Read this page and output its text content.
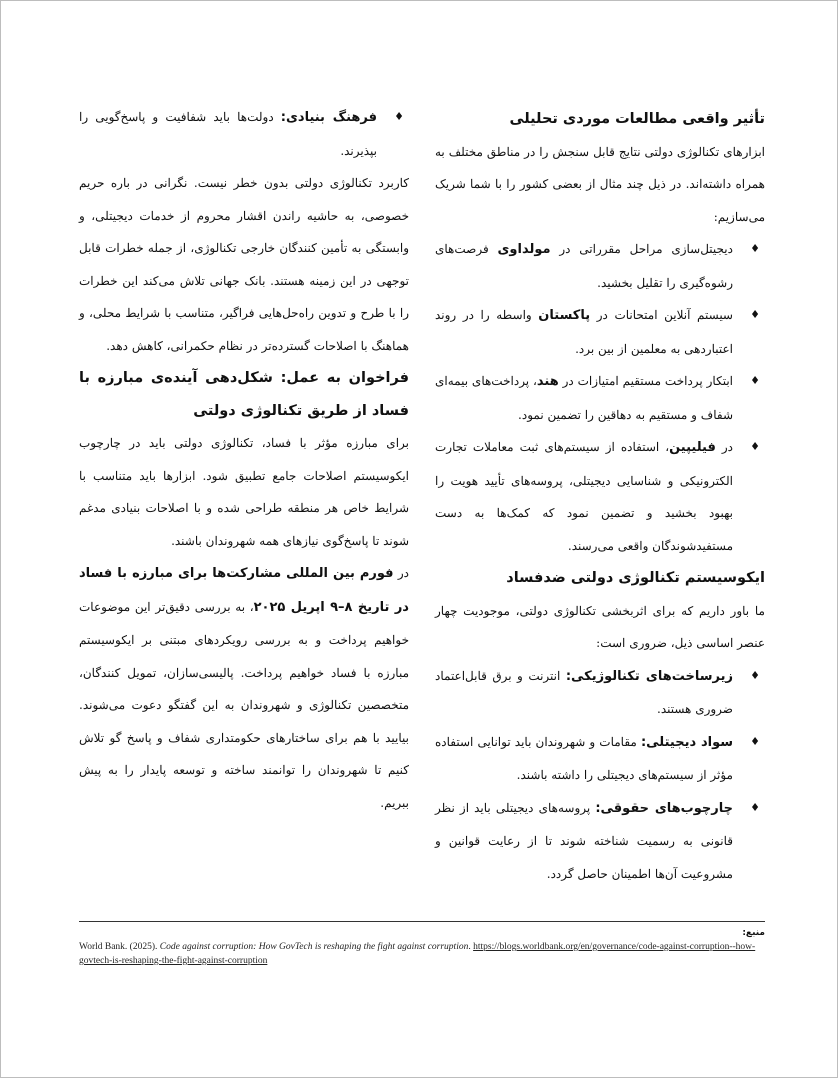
تأثیر واقعی مطالعات موردی تحلیلی

ابزارهای تکنالوژی دولتی نتایج قابل سنجش را در مناطق مختلف به همراه داشته‌اند. در ذیل چند مثال از بعضی کشور را با شما شریک می‌سازیم:

♦
دیجیتل‌سازی مراحل مقرراتی در مولداوی فرصت‌های رشوه‌گیری را تقلیل بخشید.
♦
سیستم آنلاین امتحانات در پاکستان واسطه را در روند اعتباردهی به معلمین از بین برد.
♦
ابتکار پرداخت مستقیم امتیازات در هند، پرداخت‌های بیمه‌ای شفاف و مستقیم به دهاقین را تضمین نمود.
♦
در فیلیپین، استفاده از سیستم‌های ثبت معاملات تجارت الکترونیکی و شناسایی دیجیتلی، پروسه‌های تأیید هویت را بهبود بخشید و تضمین نمود که کمک‌ها به دست مستفیدشوندگان واقعی می‌رسند.
ایکوسیستم تکنالوژی دولتی ضدفساد

ما باور داریم که برای اثربخشی تکنالوژی دولتی، موجودیت چهار عنصر اساسی ذیل، ضروری است:

♦
زیرساخت‌های تکنالوژیکی: انترنت و برق قابل‌اعتماد ضروری هستند.
♦
سواد دیجیتلی: مقامات و شهروندان باید توانایی استفاده مؤثر از سیستم‌های دیجیتلی را داشته باشند.
♦
چارچوب‌های حقوقی: پروسه‌های دیجیتلی باید از نظر قانونی به رسمیت شناخته شوند تا از رعایت قوانین و مشروعیت آن‌ها اطمینان حاصل گردد.
♦
فرهنگ بنیادی: دولت‌ها باید شفافیت و پاسخ‌گویی را بپذیرند.

کاربرد تکنالوژی دولتی بدون خطر نیست. نگرانی در باره حریم خصوصی، به حاشیه راندن اقشار محروم از خدمات دیجیتلی، و وابستگی به تأمین کنندگان خارجی تکنالوژی، از جمله خطرات قابل توجهی در این زمینه هستند. بانک جهانی تلاش می‌کند این خطرات را با طرح و تدوین راه‌حل‌هایی فراگیر، متناسب با شرایط محلی، و هماهنگ با اصلاحات گسترده‌تر در نظام حکمرانی، کاهش دهد.

فراخوان به عمل: شکل‌دهی آینده‌ی مبارزه با فساد از طریق تکنالوژی دولتی

برای مبارزه مؤثر با فساد، تکنالوژی دولتی باید در چارچوب ایکوسیستم اصلاحات جامع تطبیق شود. ابزارها باید متناسب با شرایط خاص هر منطقه طراحی شده و با اصلاحات بنیادی مدغم شوند تا پاسخ‌گوی نیازهای همه شهروندان باشند.

در فورم بین المللی مشارکت‌ها برای مبارزه با فساد در تاریخ ۸–۹ اپریل ۲۰۲۵، به بررسی دقیق‌تر این موضوعات خواهیم پرداخت و به بررسی رویکردهای مبتنی بر ایکوسیستم مبارزه با فساد خواهیم پرداخت. پالیسی‌سازان، تمویل کنندگان، متخصصین تکنالوژی و شهروندان به این گفتگو دعوت می‌شوند. بیایید با هم برای ساختارهای حکومتداری شفاف و پاسخ گو تلاش کنیم تا شهروندان را توانمند ساخته و توسعه پایدار را به پیش ببریم.

منبع:
World Bank. (2025). Code against corruption: How GovTech is reshaping the fight against corruption. https://blogs.worldbank.org/en/governance/code-against-corruption--how-govtech-is-reshaping-the-fight-against-corruption
